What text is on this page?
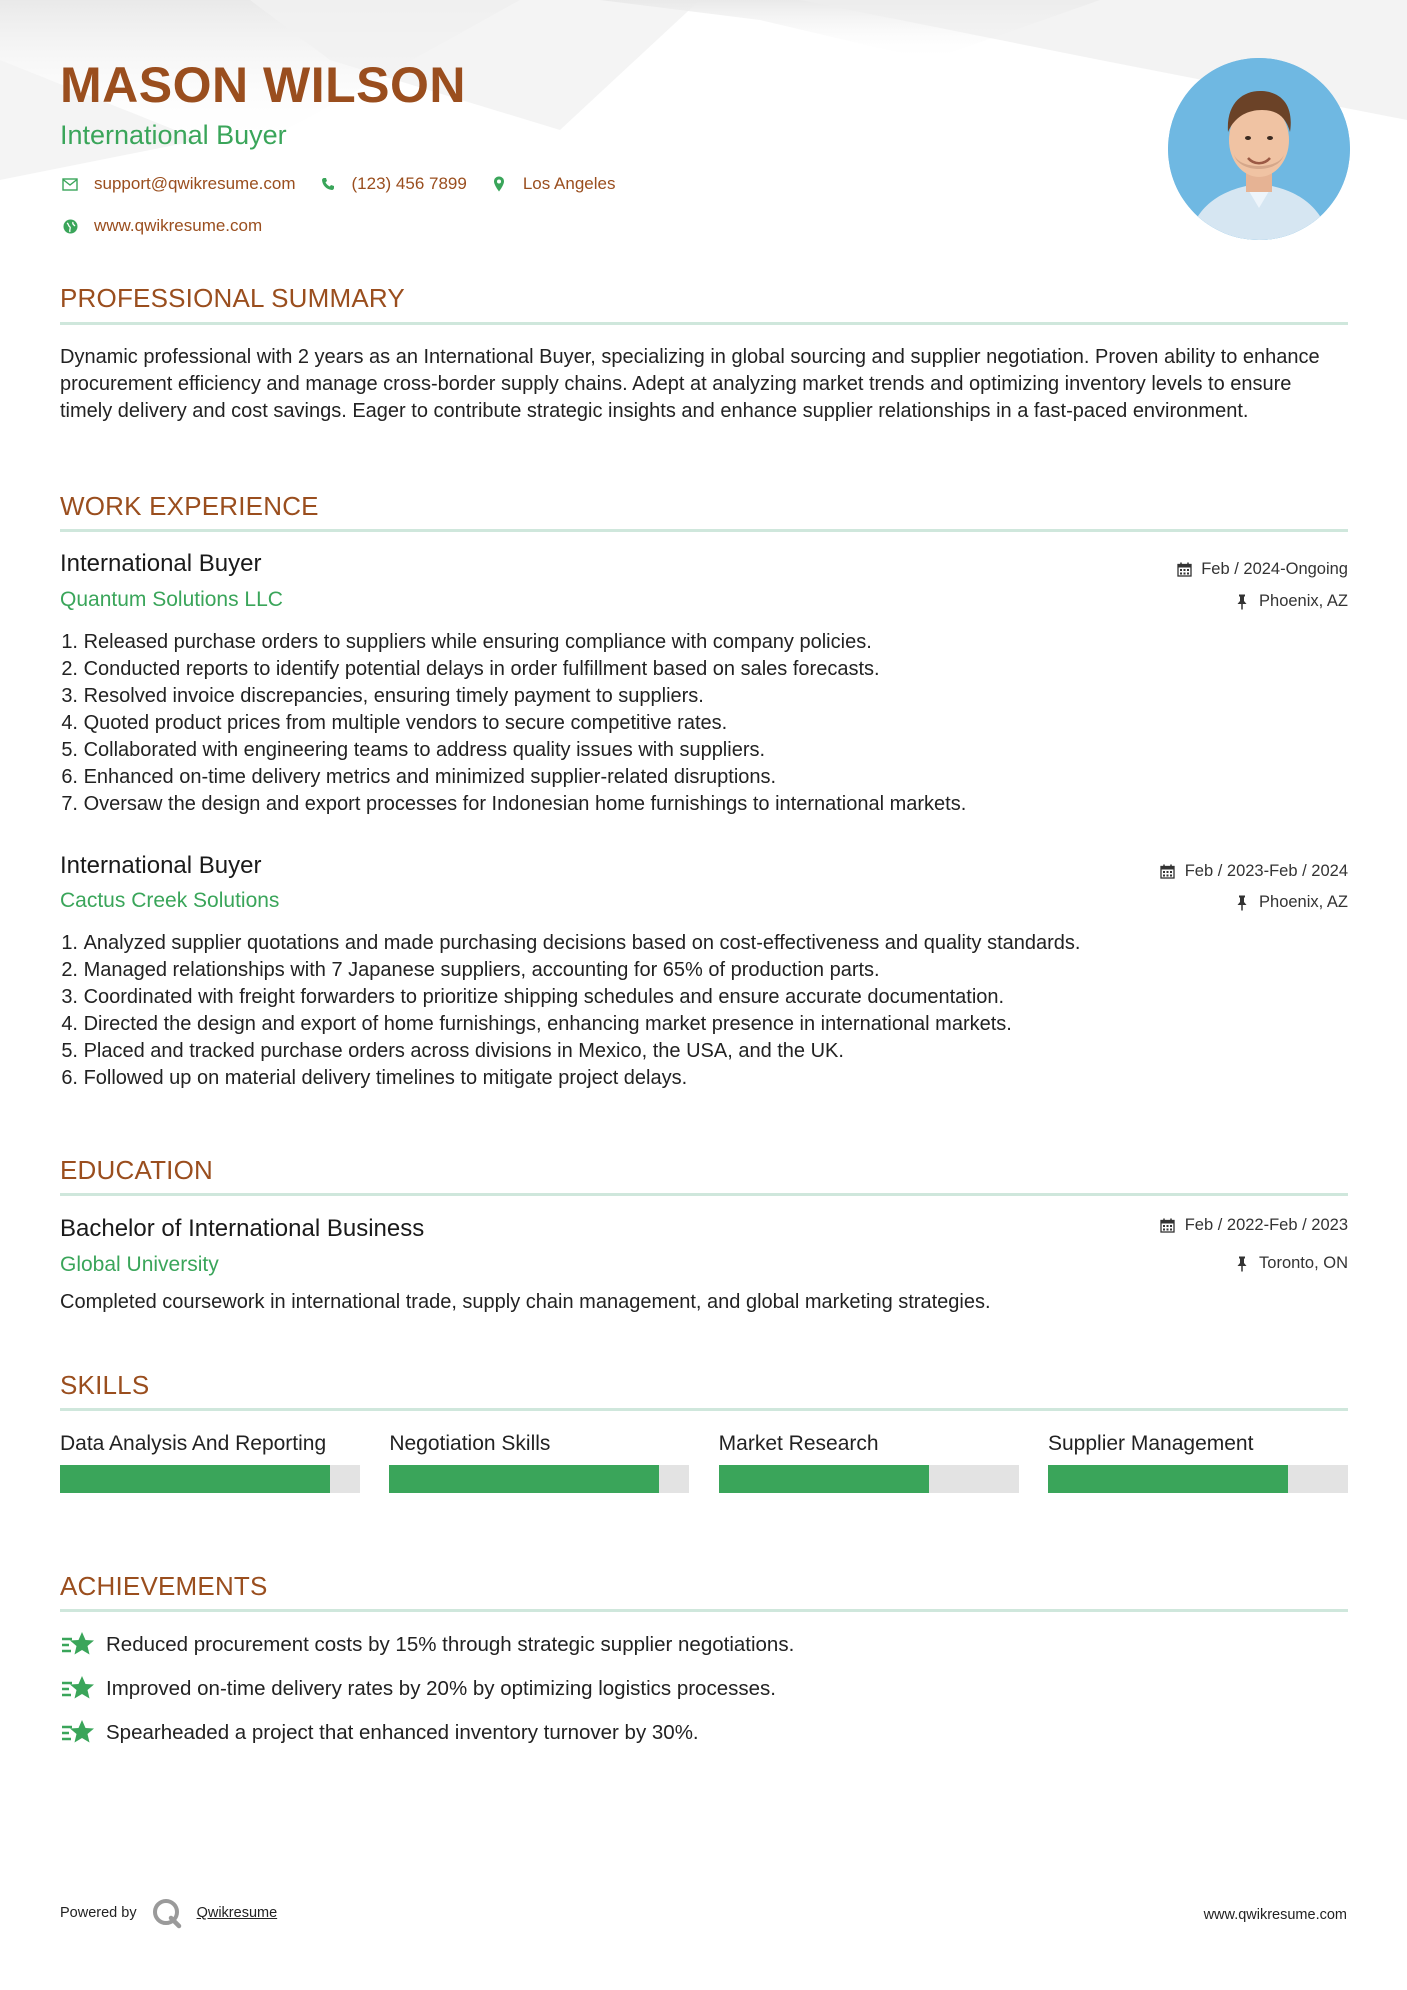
MASON WILSON
International Buyer
support@qwikresume.com	(123) 456 7899	Los Angeles
www.qwikresume.com
PROFESSIONAL SUMMARY
Dynamic professional with 2 years as an International Buyer, specializing in global sourcing and supplier negotiation. Proven ability to enhance procurement efficiency and manage cross-border supply chains. Adept at analyzing market trends and optimizing inventory levels to ensure timely delivery and cost savings. Eager to contribute strategic insights and enhance supplier relationships in a fast-paced environment.
WORK EXPERIENCE
International Buyer	Feb / 2024-Ongoing
Quantum Solutions LLC	Phoenix, AZ
1.
Released purchase orders to suppliers while ensuring compliance with company policies.
2.
Conducted reports to identify potential delays in order fulfillment based on sales forecasts.
3.
Resolved invoice discrepancies, ensuring timely payment to suppliers.
4.
Quoted product prices from multiple vendors to secure competitive rates.
5.
Collaborated with engineering teams to address quality issues with suppliers.
6.
Enhanced on-time delivery metrics and minimized supplier-related disruptions.
7.
Oversaw the design and export processes for Indonesian home furnishings to international markets.
International Buyer	Feb / 2023-Feb / 2024
Cactus Creek Solutions	Phoenix, AZ
1.
Analyzed supplier quotations and made purchasing decisions based on cost-effectiveness and quality standards.
2.
Managed relationships with 7 Japanese suppliers, accounting for 65% of production parts.
3.
Coordinated with freight forwarders to prioritize shipping schedules and ensure accurate documentation.
4.
Directed the design and export of home furnishings, enhancing market presence in international markets.
5.
Placed and tracked purchase orders across divisions in Mexico, the USA, and the UK.
6.
Followed up on material delivery timelines to mitigate project delays.
EDUCATION
Bachelor of International Business	Feb / 2022-Feb / 2023
Global University	Toronto, ON
Completed coursework in international trade, supply chain management, and global marketing strategies.
SKILLS
Data Analysis And Reporting	Negotiation Skills	Market Research	Supplier Management
ACHIEVEMENTS
Reduced procurement costs by 15% through strategic supplier negotiations.
Improved on-time delivery rates by 20% by optimizing logistics processes.
Spearheaded a project that enhanced inventory turnover by 30%.
Powered by	Qwikresume	www.qwikresume.com
